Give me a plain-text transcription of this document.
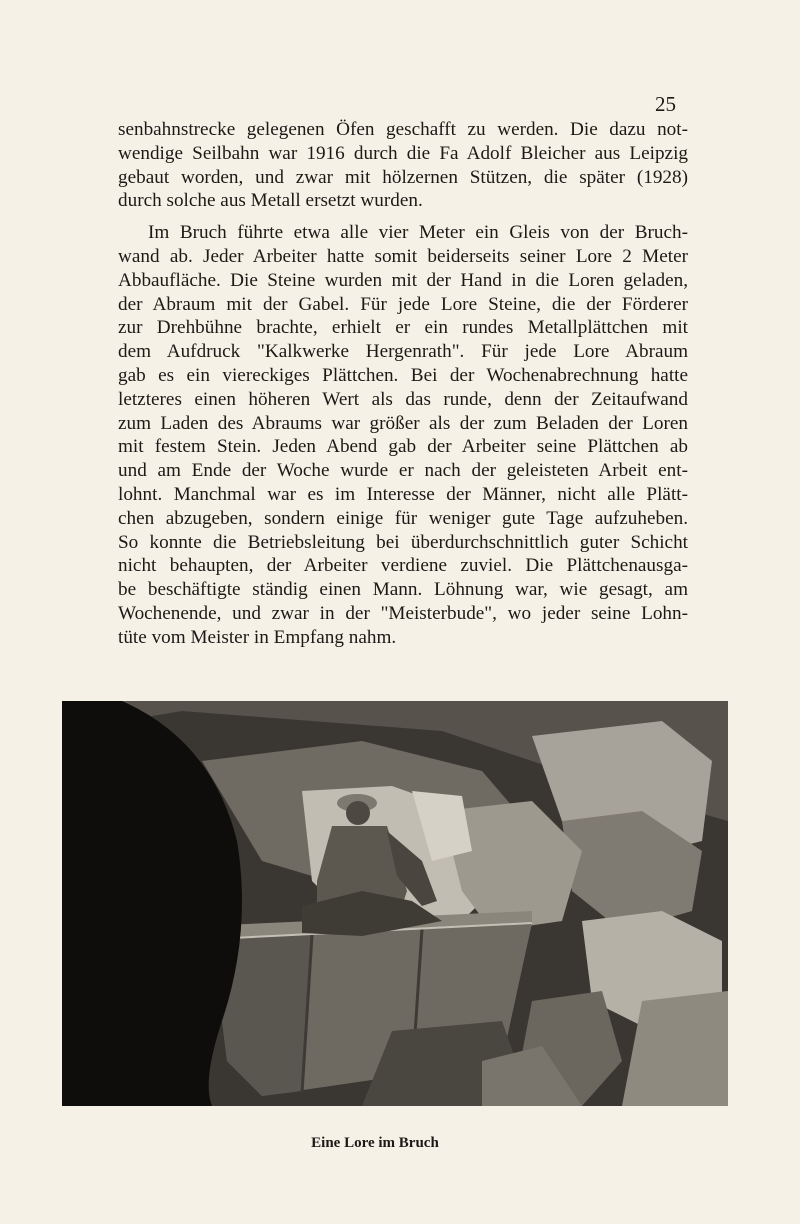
25
senbahnstrecke gelegenen Öfen geschafft zu werden. Die dazu not-
wendige Seilbahn war 1916 durch die Fa Adolf Bleicher aus Leipzig
gebaut worden, und zwar mit hölzernen Stützen, die später (1928)
durch solche aus Metall ersetzt wurden.
Im Bruch führte etwa alle vier Meter ein Gleis von der Bruch-
wand ab. Jeder Arbeiter hatte somit beiderseits seiner Lore 2 Meter
Abbaufläche. Die Steine wurden mit der Hand in die Loren geladen,
der Abraum mit der Gabel. Für jede Lore Steine, die der Förderer
zur Drehbühne brachte, erhielt er ein rundes Metallplättchen mit
dem Aufdruck "Kalkwerke Hergenrath". Für jede Lore Abraum
gab es ein viereckiges Plättchen. Bei der Wochenabrechnung hatte
letzteres einen höheren Wert als das runde, denn der Zeitaufwand
zum Laden des Abraums war größer als der zum Beladen der Loren
mit festem Stein. Jeden Abend gab der Arbeiter seine Plättchen ab
und am Ende der Woche wurde er nach der geleisteten Arbeit ent-
lohnt. Manchmal war es im Interesse der Männer, nicht alle Plätt-
chen abzugeben, sondern einige für weniger gute Tage aufzuheben.
So konnte die Betriebsleitung bei überdurchschnittlich guter Schicht
nicht behaupten, der Arbeiter verdiene zuviel. Die Plättchenausga-
be beschäftigte ständig einen Mann. Löhnung war, wie gesagt, am
Wochenende, und zwar in der "Meisterbude", wo jeder seine Lohn-
tüte vom Meister in Empfang nahm.
Eine Lore im Bruch
